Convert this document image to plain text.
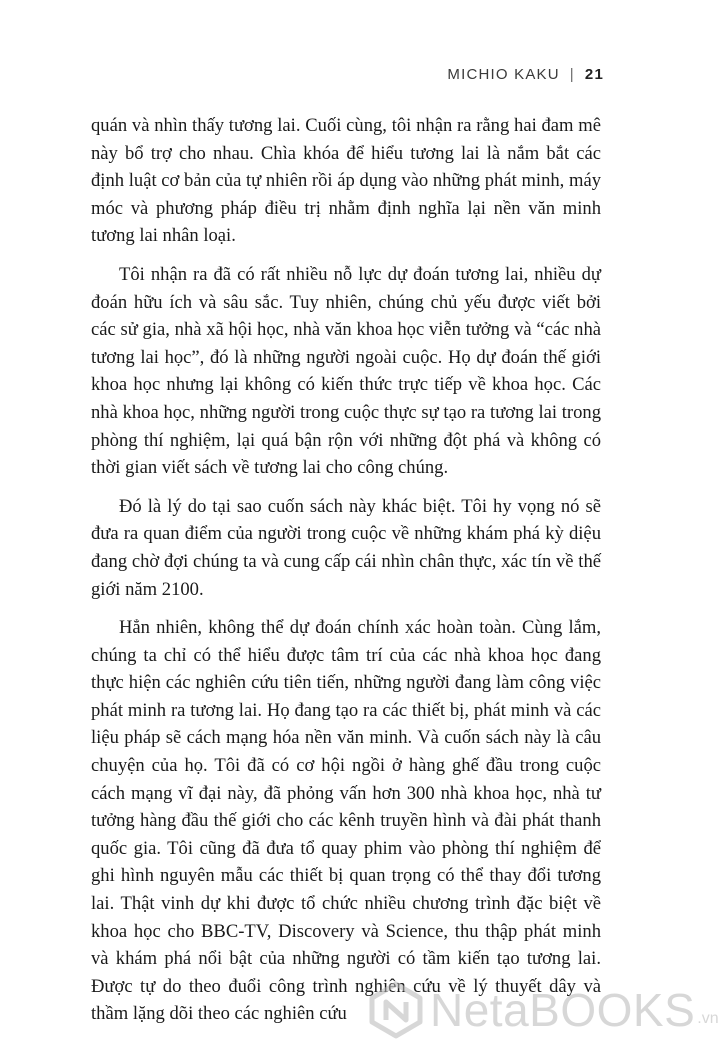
MICHIO KAKU | 21

quán và nhìn thấy tương lai. Cuối cùng, tôi nhận ra rằng hai đam mê này bổ trợ cho nhau. Chìa khóa để hiểu tương lai là nắm bắt các định luật cơ bản của tự nhiên rồi áp dụng vào những phát minh, máy móc và phương pháp điều trị nhằm định nghĩa lại nền văn minh tương lai nhân loại.

Tôi nhận ra đã có rất nhiều nỗ lực dự đoán tương lai, nhiều dự đoán hữu ích và sâu sắc. Tuy nhiên, chúng chủ yếu được viết bởi các sử gia, nhà xã hội học, nhà văn khoa học viễn tưởng và “các nhà tương lai học”, đó là những người ngoài cuộc. Họ dự đoán thế giới khoa học nhưng lại không có kiến thức trực tiếp về khoa học. Các nhà khoa học, những người trong cuộc thực sự tạo ra tương lai trong phòng thí nghiệm, lại quá bận rộn với những đột phá và không có thời gian viết sách về tương lai cho công chúng.

Đó là lý do tại sao cuốn sách này khác biệt. Tôi hy vọng nó sẽ đưa ra quan điểm của người trong cuộc về những khám phá kỳ diệu đang chờ đợi chúng ta và cung cấp cái nhìn chân thực, xác tín về thế giới năm 2100.

Hẳn nhiên, không thể dự đoán chính xác hoàn toàn. Cùng lắm, chúng ta chỉ có thể hiểu được tâm trí của các nhà khoa học đang thực hiện các nghiên cứu tiên tiến, những người đang làm công việc phát minh ra tương lai. Họ đang tạo ra các thiết bị, phát minh và các liệu pháp sẽ cách mạng hóa nền văn minh. Và cuốn sách này là câu chuyện của họ. Tôi đã có cơ hội ngồi ở hàng ghế đầu trong cuộc cách mạng vĩ đại này, đã phỏng vấn hơn 300 nhà khoa học, nhà tư tưởng hàng đầu thế giới cho các kênh truyền hình và đài phát thanh quốc gia. Tôi cũng đã đưa tổ quay phim vào phòng thí nghiệm để ghi hình nguyên mẫu các thiết bị quan trọng có thể thay đổi tương lai. Thật vinh dự khi được tổ chức nhiều chương trình đặc biệt về khoa học cho BBC-TV, Discovery và Science, thu thập phát minh và khám phá nổi bật của những người có tầm kiến tạo tương lai. Được tự do theo đuổi công trình nghiên cứu về lý thuyết dây và thầm lặng dõi theo các nghiên cứu	NetaBOOKS .vn
